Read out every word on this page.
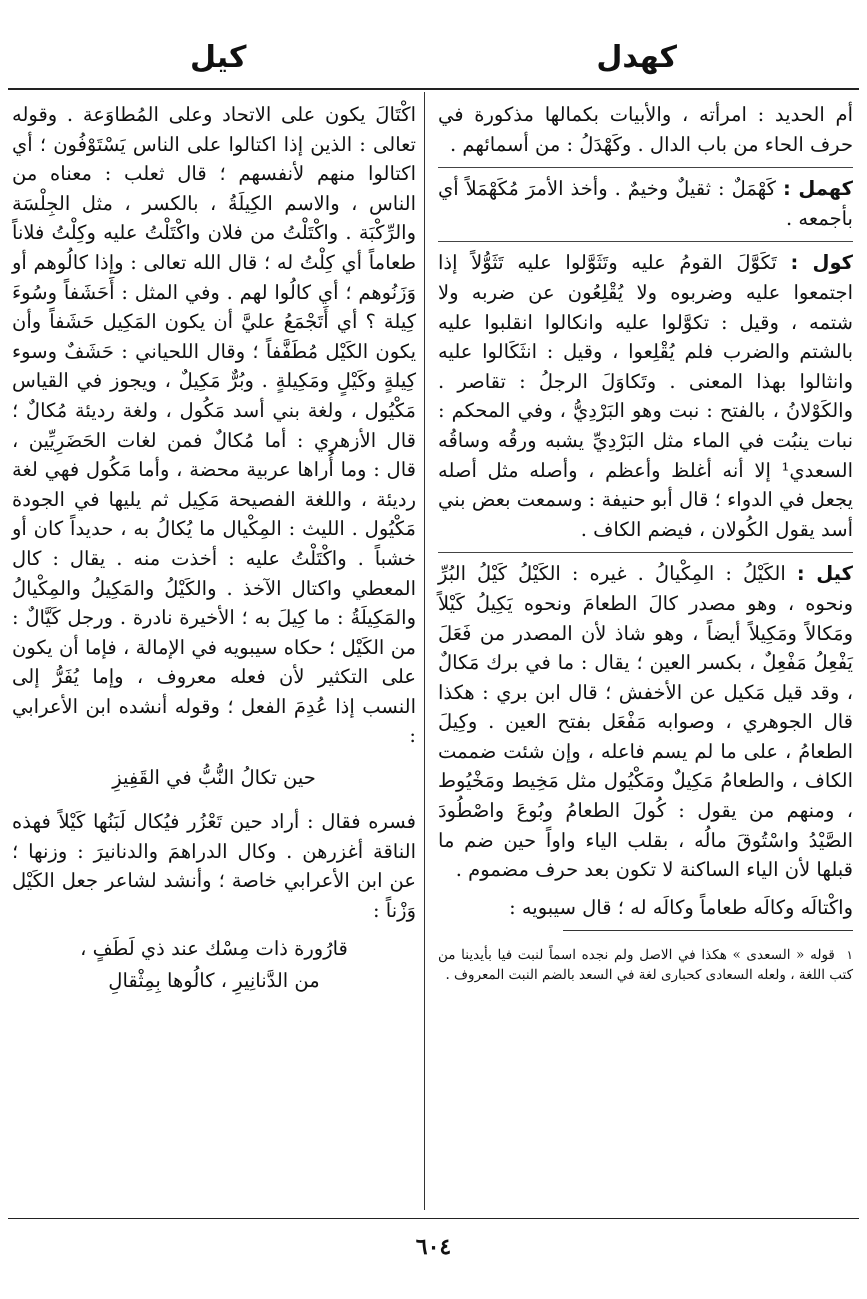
كهدل
كيل

أم الحديد : امرأته ، والأبيات بكمالها مذكورة في حرف الحاء من باب الدال . وكَهْدَلُ : من أسمائهم .

كهمل : كَهْمَلٌ : ثقيلٌ وخيمٌ . وأخذ الأمرَ مُكَهْمَلاً أي بأجمعه .

كول : تَكَوَّلَ القومُ عليه وتَثَوَّلوا عليه تَثَوُّلاً إذا اجتمعوا عليه وضربوه ولا يُقْلِعُون عن ضربه ولا شتمه ، وقيل : تكوَّلوا عليه وانكالوا انقلبوا عليه بالشتم والضرب فلم يُقْلِعوا ، وقيل : انثَكَالوا عليه وانثالوا بهذا المعنى . وتَكاوَلَ الرجلُ : تقاصر . والكَوْلانُ ، بالفتح : نبت وهو البَرْدِيُّ ، وفي المحكم : نبات ينبُت في الماء مثل البَرْدِيِّ يشبه ورقُه وساقُه السعدي¹ إلا أنه أغلظ وأعظم ، وأصله مثل أصله يجعل في الدواء ؛ قال أبو حنيفة : وسمعت بعض بني أسد يقول الكُولان ، فيضم الكاف .

كيل : الكَيْلُ : المِكْيالُ . غيره : الكَيْلُ كَيْلُ البُرِّ ونحوه ، وهو مصدر كالَ الطعامَ ونحوه يَكِيلُ كَيْلاً ومَكالاً ومَكِيلاً أيضاً ، وهو شاذ لأن المصدر من فَعَلَ يَفْعِلُ مَفْعِلٌ ، بكسر العين ؛ يقال : ما في برك مَكالٌ ، وقد قيل مَكيل عن الأخفش ؛ قال ابن بري : هكذا قال الجوهري ، وصوابه مَفْعَل بفتح العين . وكِيلَ الطعامُ ، على ما لم يسم فاعله ، وإن شئت ضممت الكاف ، والطعامُ مَكِيلٌ ومَكْيُول مثل مَخِيط ومَخْيُوط ، ومنهم من يقول : كُولَ الطعامُ وبُوعَ واصْطُودَ الصَّيْدُ واسْتُوقَ مالُه ، بقلب الياء واواً حين ضم ما قبلها لأن الياء الساكنة لا تكون بعد حرف مضموم .

واكْتالَه وكالَه طعاماً وكالَه له ؛ قال سيبويه :

١ قوله « السعدى » هكذا في الاصل ولم نجده اسماً لنبت فيا بأيدينا من كتب اللغة ، ولعله السعادى كحبارى لغة في السعد بالضم النبت المعروف .

اكْتَالَ يكون على الاتحاد وعلى المُطاوَعة . وقوله تعالى : الذين إذا اكتالوا على الناس يَسْتَوْفُون ؛ أي اكتالوا منهم لأنفسهم ؛ قال ثعلب : معناه من الناس ، والاسم الكِيلَةُ ، بالكسر ، مثل الجِلْسَة والرِّكْبَة . واكْتَلْتُ من فلان واكْتَلْتُ عليه وكِلْتُ فلاناً طعاماً أي كِلْتُ له ؛ قال الله تعالى : وإذا كالُوهم أو وَزَنُوهم ؛ أي كالُوا لهم . وفي المثل : أَحَشَفاً وسُوءَ كِيلة ؟ أي أَتَجْمَعُ عليَّ أن يكون المَكِيل حَشَفاً وأن يكون الكَيْل مُطَفَّفاً ؛ وقال اللحياني : حَشَفٌ وسوء كِيلةٍ وكَيْلٍ ومَكِيلةٍ . وبُرٌّ مَكِيلٌ ، ويجوز في القياس مَكْيُول ، ولغة بني أسد مَكُول ، ولغة رديئة مُكالٌ ؛ قال الأزهري : أما مُكالٌ فمن لغات الحَضَرِيِّين ، قال : وما أُراها عربية محضة ، وأما مَكُول فهي لغة رديئة ، واللغة الفصيحة مَكِيل ثم يليها في الجودة مَكْيُول . الليث : المِكْيال ما يُكالُ به ، حديداً كان أو خشباً . واكْتَلْتُ عليه : أخذت منه . يقال : كال المعطي واكتال الآخذ . والكَيْلُ والمَكِيلُ والمِكْيالُ والمَكِيلَةُ : ما كِيلَ به ؛ الأخيرة نادرة . ورجل كَيَّالٌ : من الكَيْل ؛ حكاه سيبويه في الإمالة ، فإما أن يكون على التكثير لأن فعله معروف ، وإما يُفَرُّ إلى النسب إذا عُدِمَ الفعل ؛ وقوله أنشده ابن الأعرابي :

حين تكالُ النُّبُّ في القَفِيزِ

فسره فقال : أراد حين تَعْزُر فيُكال لَبَنُها كَيْلاً فهذه الناقة أغزرهن . وكال الدراهمَ والدنانيرَ : وزنها ؛ عن ابن الأعرابي خاصة ؛ وأنشد لشاعر جعل الكَيْل وَزْناً :

قارُورة ذات مِسْك عند ذي لَطَفٍ ،
من الدَّنانِيرِ ، كالُوها بِمِثْقالِ
٦٠٤
